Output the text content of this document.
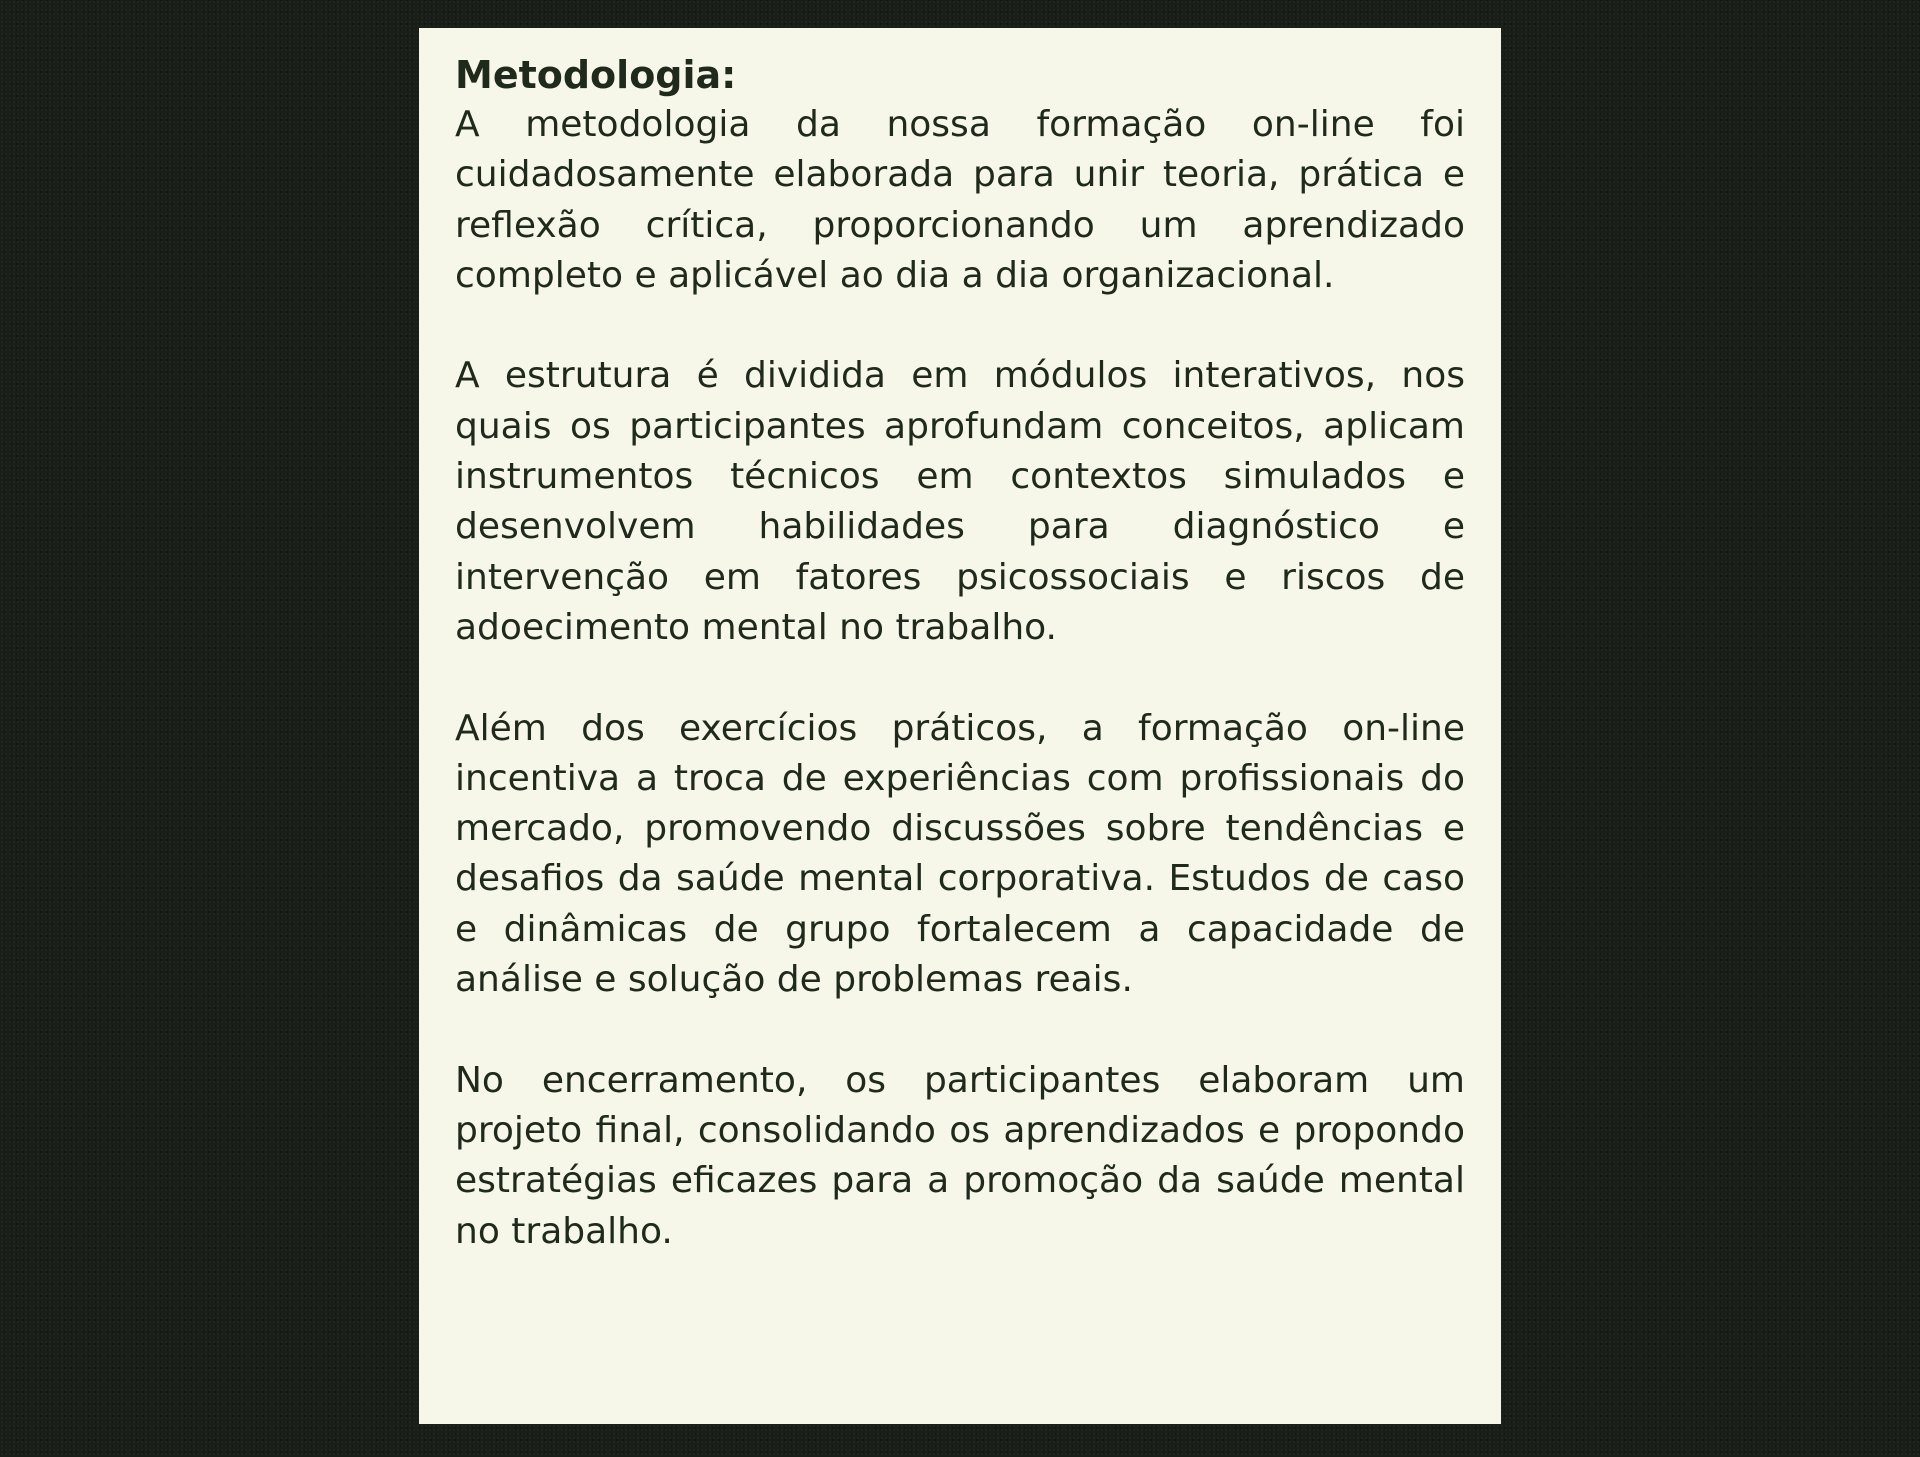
Metodologia:

A metodologia da nossa formação on-line foi cuidadosamente elaborada para unir teoria, prática e reflexão crítica, proporcionando um aprendizado completo e aplicável ao dia a dia organizacional.

A estrutura é dividida em módulos interativos, nos quais os participantes aprofundam conceitos, aplicam instrumentos técnicos em contextos simulados e desenvolvem habilidades para diagnóstico e intervenção em fatores psicossociais e riscos de adoecimento mental no trabalho.

Além dos exercícios práticos, a formação on-line incentiva a troca de experiências com profissionais do mercado, promovendo discussões sobre tendências e desafios da saúde mental corporativa. Estudos de caso e dinâmicas de grupo fortalecem a capacidade de análise e solução de problemas reais.

No encerramento, os participantes elaboram um projeto final, consolidando os aprendizados e propondo estratégias eficazes para a promoção da saúde mental no trabalho.
